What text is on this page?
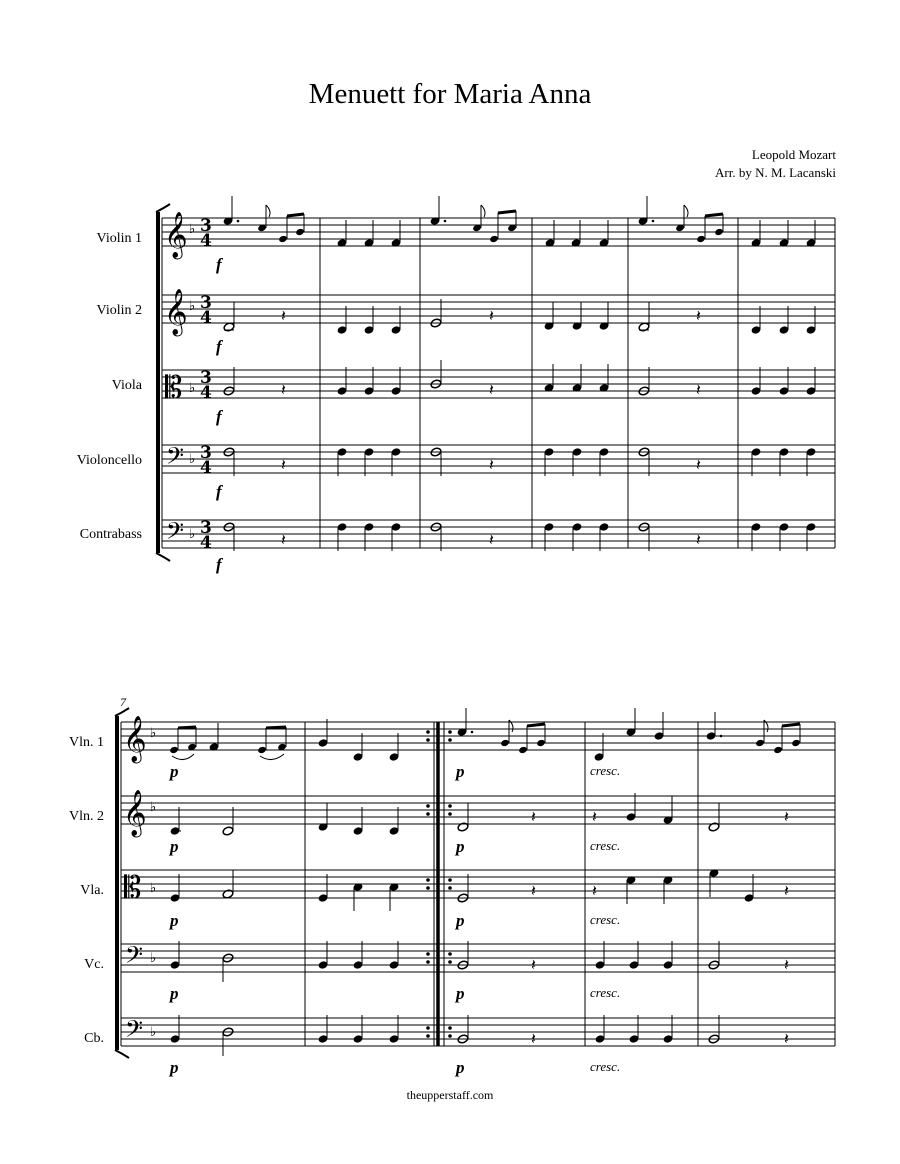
Menuett for Maria Anna
Leopold Mozart
Arr. by N. M. Lacanski
𝄞
𝄞
𝄡
𝄢
𝄢
♭
♭
♭
♭
♭
3
4
3
4
3
4
3
4
3
4
𝄽	𝄽	𝄽
𝄽	𝄽	𝄽
𝄽	𝄽	𝄽
𝄽	𝄽	𝄽
Violin 1
Violin 2
Viola
Violoncello
Contrabass
f
f
f
f
f
7
𝄞
𝄞
𝄡
𝄢
𝄢
♭
♭
♭
♭
♭
𝄽	𝄽	𝄽
𝄽	𝄽	𝄽
𝄽	𝄽
𝄽	𝄽
Vln. 1
Vln. 2
Vla.
Vc.
Cb.
p
p
p
p
p
p
p
p
p
p
cresc.
cresc.
cresc.
cresc.
cresc.
theupperstaff.com
